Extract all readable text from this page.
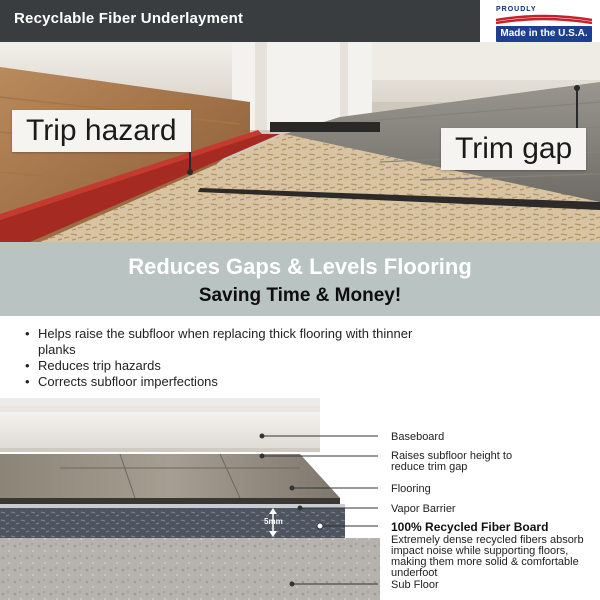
Recyclable Fiber Underlayment
PROUDLY
Made in the U.S.A.
Trip hazard
Trim gap
Reduces Gaps & Levels Flooring
Saving Time & Money!
• Helps raise the subfloor when replacing thick flooring with thinner planks
• Reduces trip hazards
• Corrects subfloor imperfections
5mm
Baseboard
Raises subfloor height to reduce trim gap
Flooring
Vapor Barrier
100% Recycled Fiber Board
Extremely dense recycled fibers absorb impact noise while supporting floors, making them more solid & comfortable underfoot
Sub Floor
